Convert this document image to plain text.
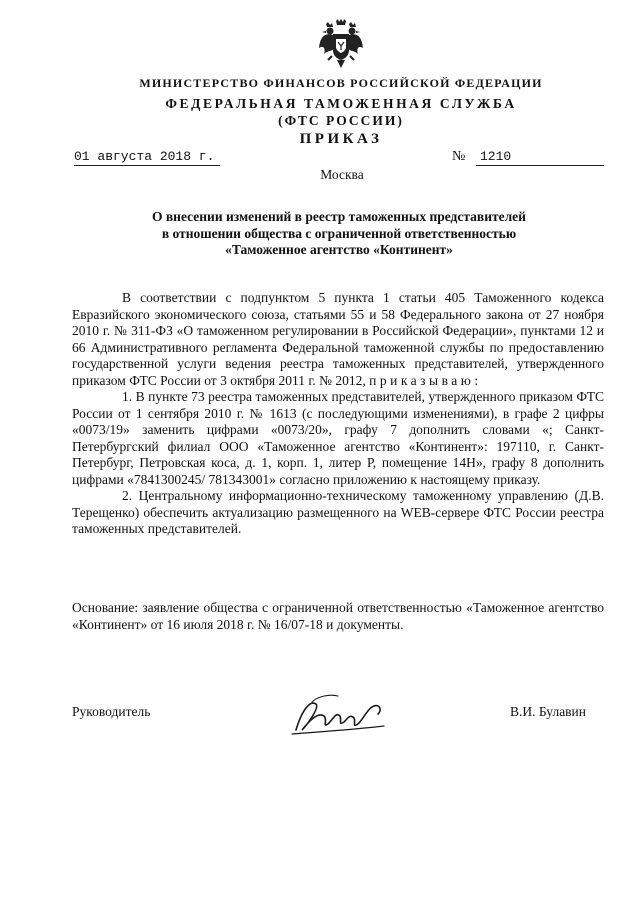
МИНИСТЕРСТВО ФИНАНСОВ РОССИЙСКОЙ ФЕДЕРАЦИИ
ФЕДЕРАЛЬНАЯ ТАМОЖЕННАЯ СЛУЖБА
(ФТС РОССИИ)
ПРИКАЗ
01 августа 2018 г.	№	1210
Москва
О внесении изменений в реестр таможенных представителей
в отношении общества с ограниченной ответственностью
«Таможенное агентство «Континент»

В соответствии с подпунктом 5 пункта 1 статьи 405 Таможенного кодекса Евразийского экономического союза, статьями 55 и 58 Федерального закона от 27 ноября 2010 г. № 311-ФЗ «О таможенном регулировании в Российской Федерации», пунктами 12 и 66 Административного регламента Федеральной таможенной службы по предоставлению государственной услуги ведения реестра таможенных представителей, утвержденного приказом ФТС России от 3 октября 2011 г. № 2012, приказываю:

1. В пункте 73 реестра таможенных представителей, утвержденного приказом ФТС России от 1 сентября 2010 г. № 1613 (с последующими изменениями), в графе 2 цифры «0073/19» заменить цифрами «0073/20», графу 7 дополнить словами «; Санкт-Петербургский филиал ООО «Таможенное агентство «Континент»: 197110, г. Санкт-Петербург, Петровская коса, д. 1, корп. 1, литер Р, помещение 14Н», графу 8 дополнить цифрами «7841300245/ 781343001» согласно приложению к настоящему приказу.

2. Центральному информационно-техническому таможенному управлению (Д.В. Терещенко) обеспечить актуализацию размещенного на WEB-сервере ФТС России реестра таможенных представителей.

Основание: заявление общества с ограниченной ответственностью «Таможенное агентство «Континент» от 16 июля 2018 г. № 16/07-18 и документы.
Руководитель	В.И. Булавин
